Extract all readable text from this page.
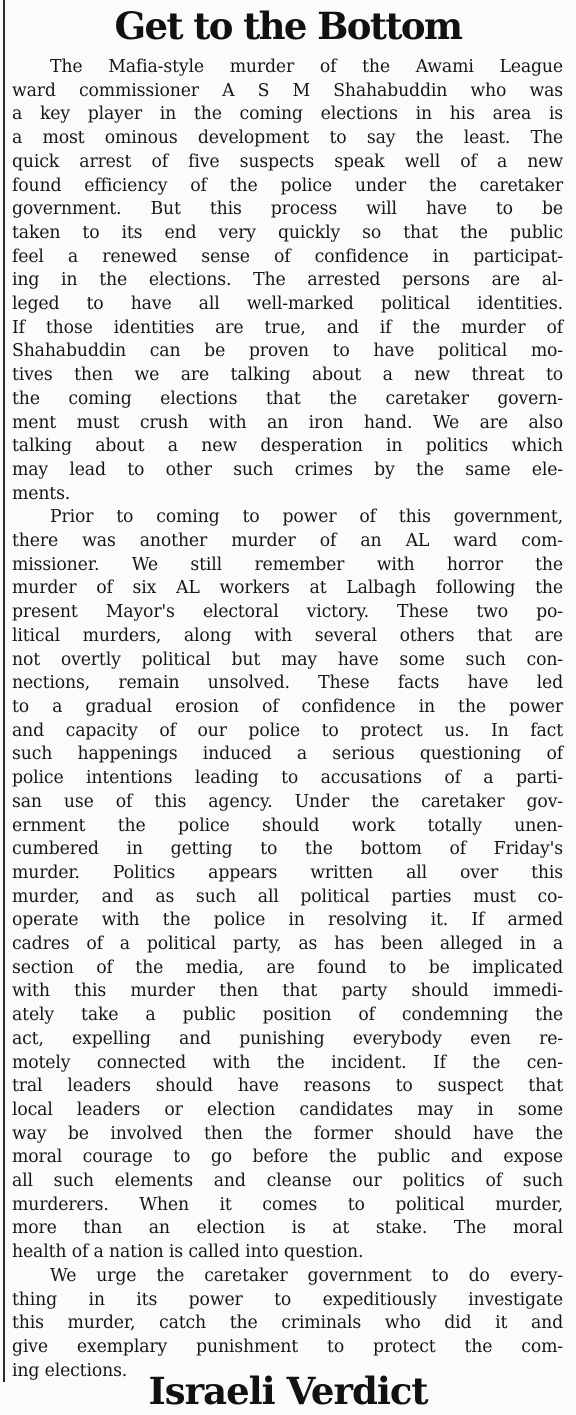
Get to the Bottom

The Mafia-style murder of the Awami League
ward commissioner A S M Shahabuddin who was
a key player in the coming elections in his area is
a most ominous development to say the least. The
quick arrest of five suspects speak well of a new
found efficiency of the police under the caretaker
government. But this process will have to be
taken to its end very quickly so that the public
feel a renewed sense of confidence in participat-
ing in the elections. The arrested persons are al-
leged to have all well-marked political identities.
If those identities are true, and if the murder of
Shahabuddin can be proven to have political mo-
tives then we are talking about a new threat to
the coming elections that the caretaker govern-
ment must crush with an iron hand. We are also
talking about a new desperation in politics which
may lead to other such crimes by the same ele-
ments.

Prior to coming to power of this government,
there was another murder of an AL ward com-
missioner. We still remember with horror the
murder of six AL workers at Lalbagh following the
present Mayor's electoral victory. These two po-
litical murders, along with several others that are
not overtly political but may have some such con-
nections, remain unsolved. These facts have led
to a gradual erosion of confidence in the power
and capacity of our police to protect us. In fact
such happenings induced a serious questioning of
police intentions leading to accusations of a parti-
san use of this agency. Under the caretaker gov-
ernment the police should work totally unen-
cumbered in getting to the bottom of Friday's
murder. Politics appears written all over this
murder, and as such all political parties must co-
operate with the police in resolving it. If armed
cadres of a political party, as has been alleged in a
section of the media, are found to be implicated
with this murder then that party should immedi-
ately take a public position of condemning the
act, expelling and punishing everybody even re-
motely connected with the incident. If the cen-
tral leaders should have reasons to suspect that
local leaders or election candidates may in some
way be involved then the former should have the
moral courage to go before the public and expose
all such elements and cleanse our politics of such
murderers. When it comes to political murder,
more than an election is at stake. The moral
health of a nation is called into question.

We urge the caretaker government to do every-
thing in its power to expeditiously investigate
this murder, catch the criminals who did it and
give exemplary punishment to protect the com-
ing elections. Israeli Verdict
